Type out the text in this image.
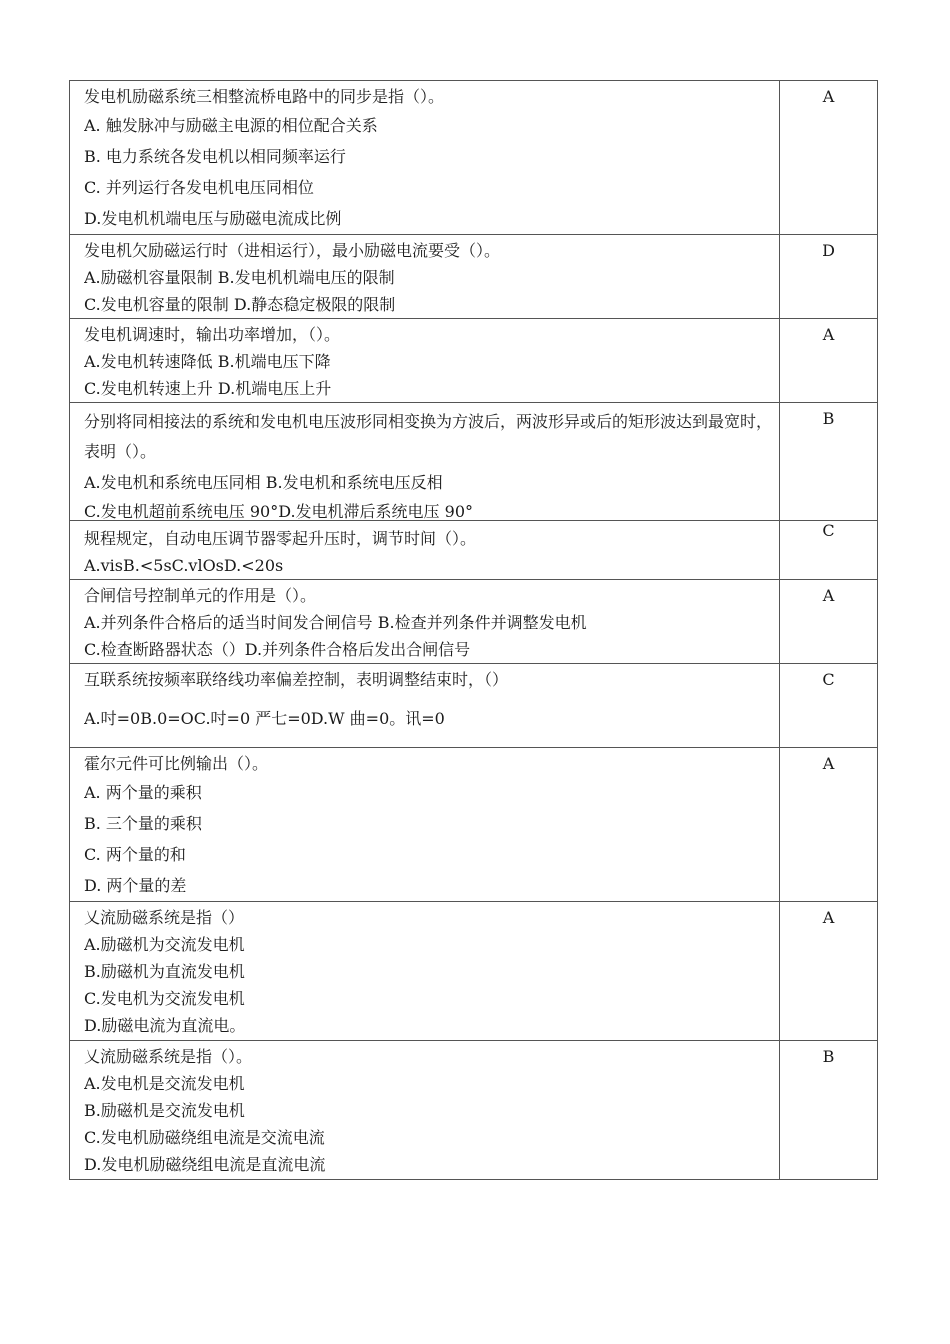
发电机励磁系统三相整流桥电路中的同步是指（）。
A. 触发脉冲与励磁主电源的相位配合关系
B. 电力系统各发电机以相同频率运行
C. 并列运行各发电机电压同相位
D.发电机机端电压与励磁电流成比例	A

发电机欠励磁运行时（进相运行），最小励磁电流要受（）。
A.励磁机容量限制 B.发电机机端电压的限制
C.发电机容量的限制 D.静态稳定极限的限制	D

发电机调速时，输出功率增加，（）。
A.发电机转速降低 B.机端电压下降
C.发电机转速上升 D.机端电压上升	A

分别将同相接法的系统和发电机电压波形同相变换为方波后，两波形异或后的矩形波达到最宽时，表明（）。
A.发电机和系统电压同相 B.发电机和系统电压反相
C.发电机超前系统电压 90°D.发电机滞后系统电压 90°	B

规程规定，自动电压调节器零起升压时，调节时间（）。
A.visB.<5sC.vlOsD.<20s	C

合闸信号控制单元的作用是（）。
A.并列条件合格后的适当时间发合闸信号 B.检查并列条件并调整发电机
C.检查断路器状态（）D.并列条件合格后发出合闸信号	A

互联系统按频率联络线功率偏差控制，表明调整结束时，（）
A.吋=0B.0=OC.吋=0 严七=0D.W 曲=0。讯=0	C

霍尔元件可比例输出（）。
A. 两个量的乘积
B. 三个量的乘积
C. 两个量的和
D. 两个量的差	A

乂流励磁系统是指（）
A.励磁机为交流发电机
B.励磁机为直流发电机
C.发电机为交流发电机
D.励磁电流为直流电。	A

乂流励磁系统是指（）。
A.发电机是交流发电机
B.励磁机是交流发电机
C.发电机励磁绕组电流是交流电流
D.发电机励磁绕组电流是直流电流	B
